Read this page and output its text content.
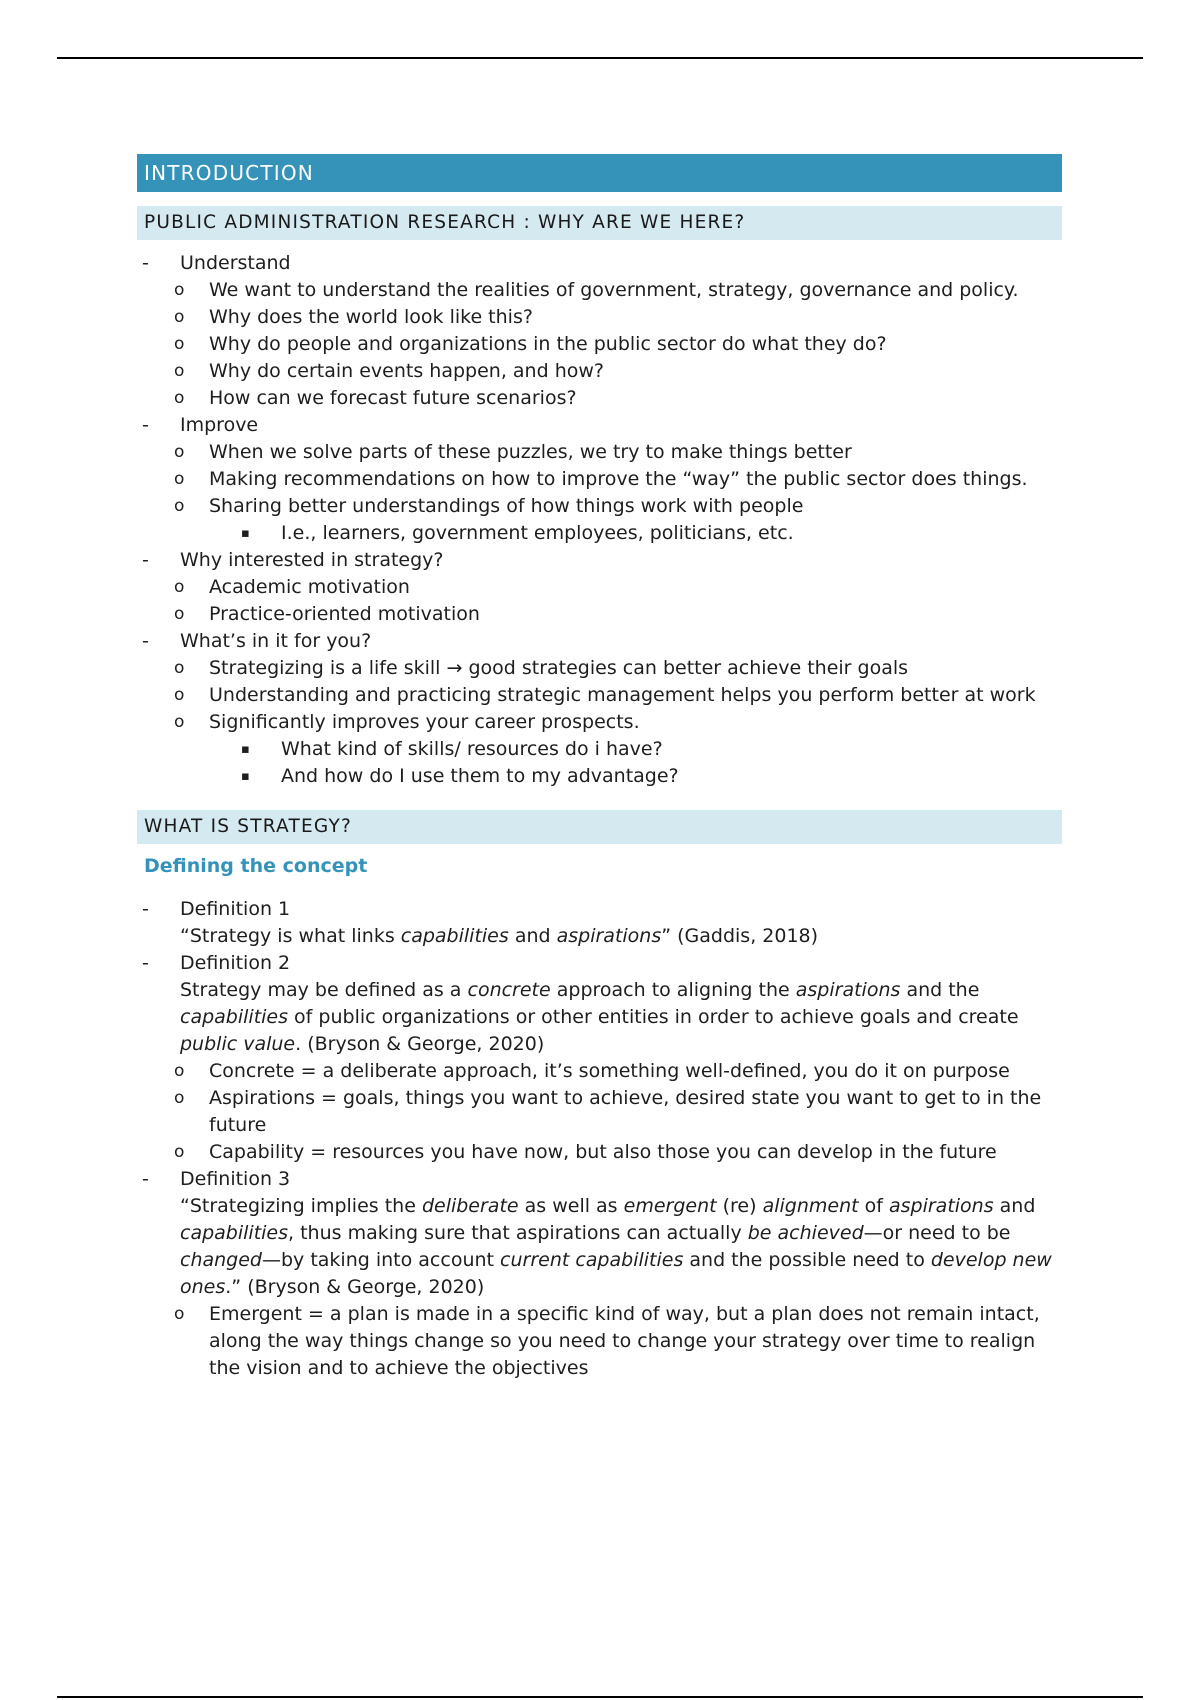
INTRODUCTION
PUBLIC ADMINISTRATION RESEARCH : WHY ARE WE HERE?
- Understand
o We want to understand the realities of government, strategy, governance and policy.
o Why does the world look like this?
o Why do people and organizations in the public sector do what they do?
o Why do certain events happen, and how?
o How can we forecast future scenarios?
- Improve
o When we solve parts of these puzzles, we try to make things better
o Making recommendations on how to improve the “way” the public sector does things.
o Sharing better understandings of how things work with people
▪ I.e., learners, government employees, politicians, etc.
- Why interested in strategy?
o Academic motivation
o Practice-oriented motivation
- What’s in it for you?
o Strategizing is a life skill → good strategies can better achieve their goals
o Understanding and practicing strategic management helps you perform better at work
o Significantly improves your career prospects.
▪ What kind of skills/ resources do i have?
▪ And how do I use them to my advantage?
WHAT IS STRATEGY?
Defining the concept
- Definition 1
“Strategy is what links capabilities and aspirations” (Gaddis, 2018)
- Definition 2
Strategy may be defined as a concrete approach to aligning the aspirations and the capabilities of public organizations or other entities in order to achieve goals and create public value. (Bryson & George, 2020)
o Concrete = a deliberate approach, it’s something well-defined, you do it on purpose
o Aspirations = goals, things you want to achieve, desired state you want to get to in the future
o Capability = resources you have now, but also those you can develop in the future
- Definition 3
“Strategizing implies the deliberate as well as emergent (re) alignment of aspirations and capabilities, thus making sure that aspirations can actually be achieved—or need to be changed—by taking into account current capabilities and the possible need to develop new ones.” (Bryson & George, 2020)
o Emergent = a plan is made in a specific kind of way, but a plan does not remain intact, along the way things change so you need to change your strategy over time to realign the vision and to achieve the objectives
